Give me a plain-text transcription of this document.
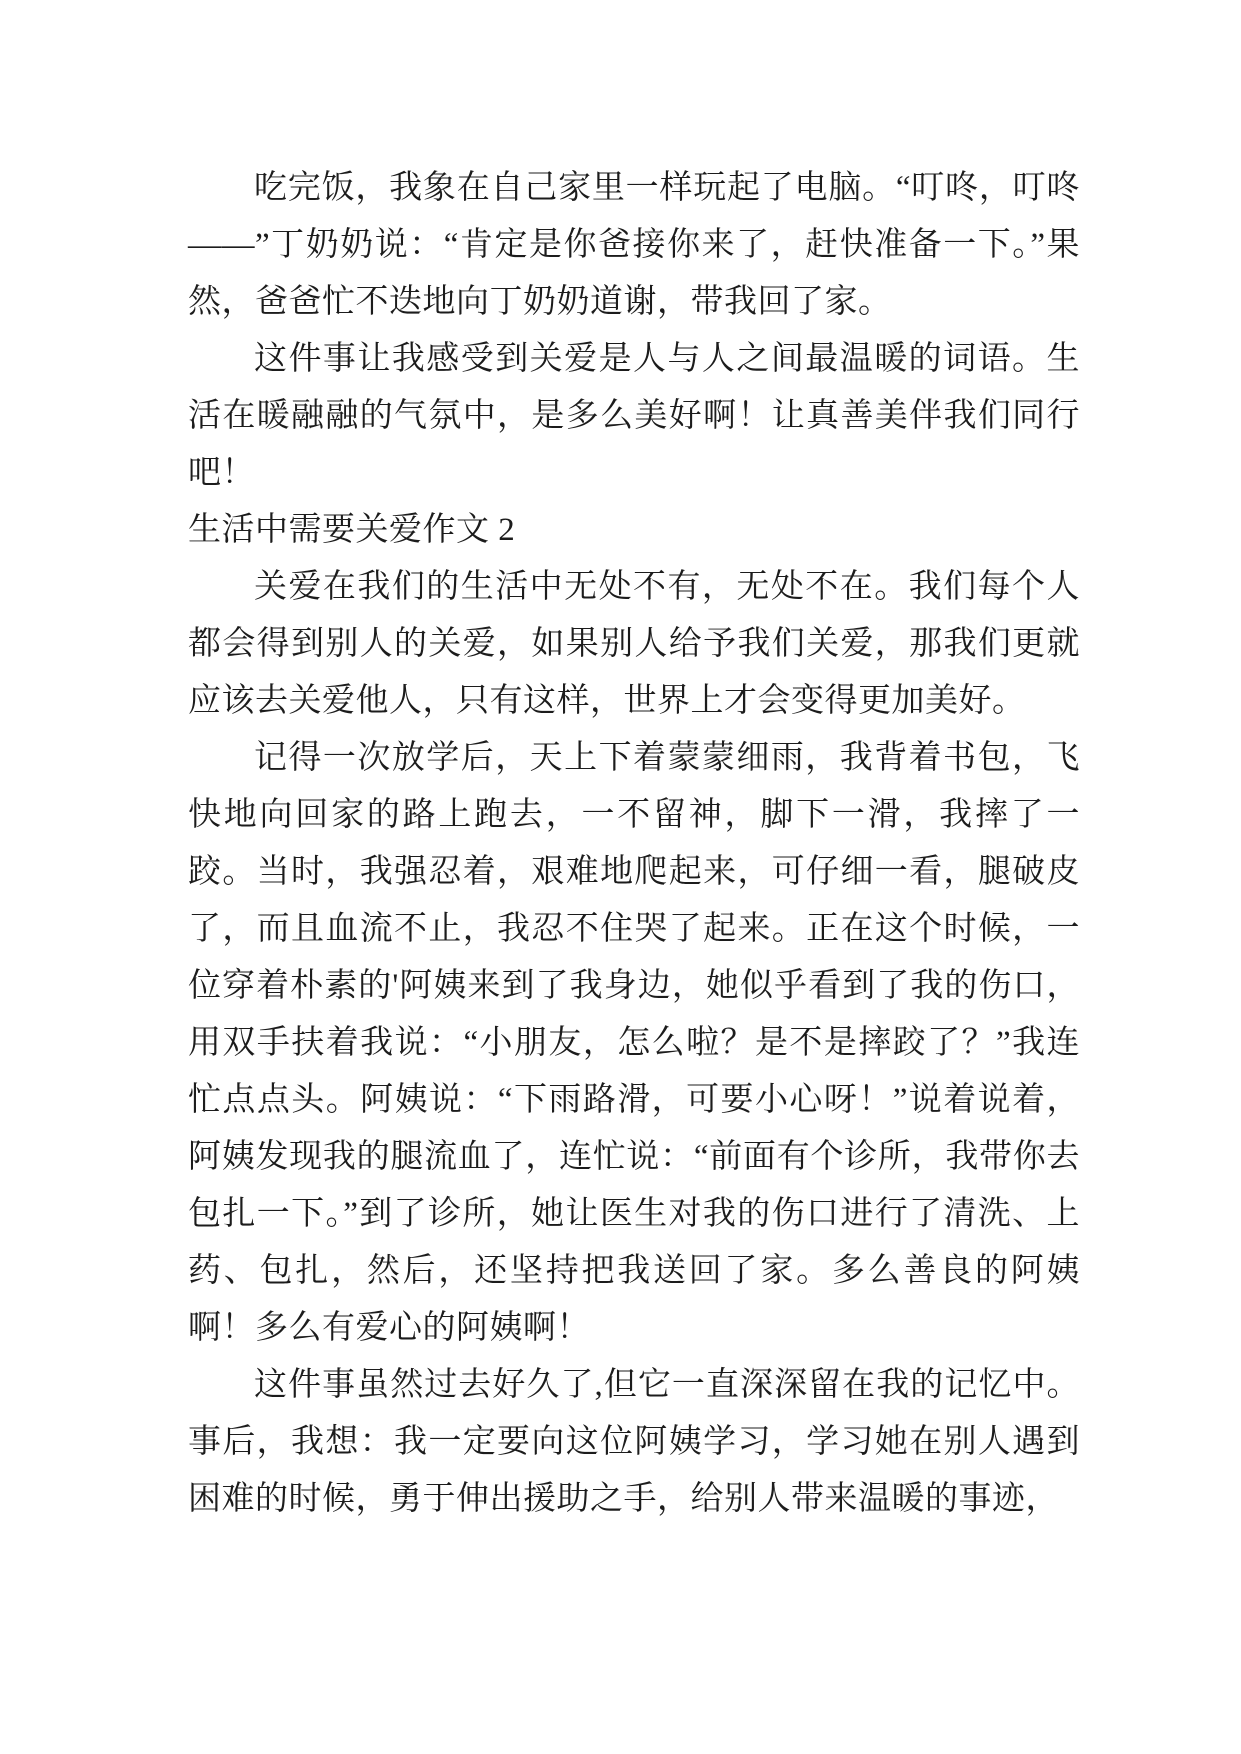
吃完饭，我象在自己家里一样玩起了电脑。“叮咚，叮咚——”丁奶奶说：“肯定是你爸接你来了，赶快准备一下。”果然，爸爸忙不迭地向丁奶奶道谢，带我回了家。

这件事让我感受到关爱是人与人之间最温暖的词语。生活在暖融融的气氛中，是多么美好啊！让真善美伴我们同行吧！

生活中需要关爱作文 2

关爱在我们的生活中无处不有，无处不在。我们每个人都会得到别人的关爱，如果别人给予我们关爱，那我们更就应该去关爱他人，只有这样，世界上才会变得更加美好。

记得一次放学后，天上下着蒙蒙细雨，我背着书包，飞快地向回家的路上跑去，一不留神，脚下一滑，我摔了一跤。当时，我强忍着，艰难地爬起来，可仔细一看，腿破皮了，而且血流不止，我忍不住哭了起来。正在这个时候，一位穿着朴素的'阿姨来到了我身边，她似乎看到了我的伤口，用双手扶着我说：“小朋友，怎么啦？是不是摔跤了？”我连忙点点头。阿姨说：“下雨路滑，可要小心呀！”说着说着，阿姨发现我的腿流血了，连忙说：“前面有个诊所，我带你去包扎一下。”到了诊所，她让医生对我的伤口进行了清洗、上药、包扎，然后，还坚持把我送回了家。多么善良的阿姨啊！多么有爱心的阿姨啊！

这件事虽然过去好久了,但它一直深深留在我的记忆中。事后，我想：我一定要向这位阿姨学习，学习她在别人遇到困难的时候，勇于伸出援助之手，给别人带来温暖的事迹，
